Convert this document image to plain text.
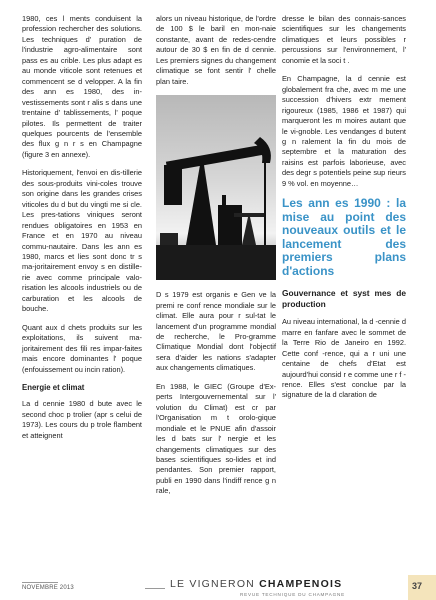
1980, ces l ments conduisent la profession rechercher des solutions. Les techniques d' puration de l'industrie agro-alimentaire sont pass es au crible. Les plus adapt es au monde viticole sont retenues et commencent se d velopper. A la fin des ann es 1980, des in-vestissements sont r alis s dans une trentaine d' tablissements, l' poque pilotes. Ils permettent de traiter quelques pourcents de l'ensemble des flux g n r s en Champagne (figure 3 en annexe).

Historiquement, l'envoi en dis-tillerie des sous-produits vini-coles trouve son origine dans les grandes crises viticoles du d but du vingti me si cle. Les pres-tations viniques seront rendues obligatoires en 1953 en France et en 1970 au niveau commu-nautaire. Dans les ann es 1980, marcs et lies sont donc tr s ma-joritairement envoy s en distille-rie avec comme principale valo-risation les alcools industriels ou de carburation et les alcools de bouche.

Quant aux d chets produits sur les exploitations, ils suivent ma-joritairement des fili res impar-faites mais encore dominantes l' poque (enfouissement ou incin ration).

Energie et climat

La d cennie 1980 d bute avec le second choc p trolier (apr s celui de 1973). Les cours du p trole flambent et atteignent

alors un niveau historique, de l'ordre de 100 $ le baril en mon-naie constante, avant de redes-cendre autour de 30 $ en fin de d cennie. Les premiers signes du changement climatique se font sentir l' chelle plan taire.

D s 1979 est organis e Gen ve la premi re conf rence mondiale sur le climat. Elle aura pour r sul-tat le lancement d'un programme mondial de recherche, le Pro-gramme Climatique Mondial dont l'objectif sera d'aider les nations s'adapter aux changements climatiques.

En 1988, le GIEC (Groupe d'Ex-perts Intergouvernemental sur l' volution du Climat) est cr par l'Organisation m t orolo-gique mondiale et le PNUE afin d'assoir les d bats sur l' nergie et les changements climatiques sur des bases scientifiques so-lides et ind pendantes. Son premier rapport, publi en 1990 dans l'indiff rence g n rale,

dresse le bilan des connais-sances scientifiques sur les changements climatiques et leurs possibles r percussions sur l'environnement, l' conomie et la soci t .

En Champagne, la d cennie est globalement fra che, avec m me une succession d'hivers extr mement rigoureux (1985, 1986 et 1987) qui marqueront les m moires autant que le vi-gnoble. Les vendanges d butent g n ralement la fin du mois de septembre et la maturation des raisins est parfois laborieuse, avec des degr s potentiels peine sup rieurs 9 % vol. en moyenne…

Les ann es 1990 : la mise au point des nouveaux outils et le lancement des premiers plans d'actions
Gouvernance et syst mes de production

Au niveau international, la d -cennie d marre en fanfare avec le sommet de la Terre Rio de Janeiro en 1992. Cette conf -rence, qui a r uni une centaine de chefs d'Etat est aujourd'hui consid r e comme une r f -rence. Elles s'est conclue par la signature de la d claration de

NOVEMBRE 2013	LE VIGNERON CHAMPENOIS
REVUE TECHNIQUE DU CHAMPAGNE
37
